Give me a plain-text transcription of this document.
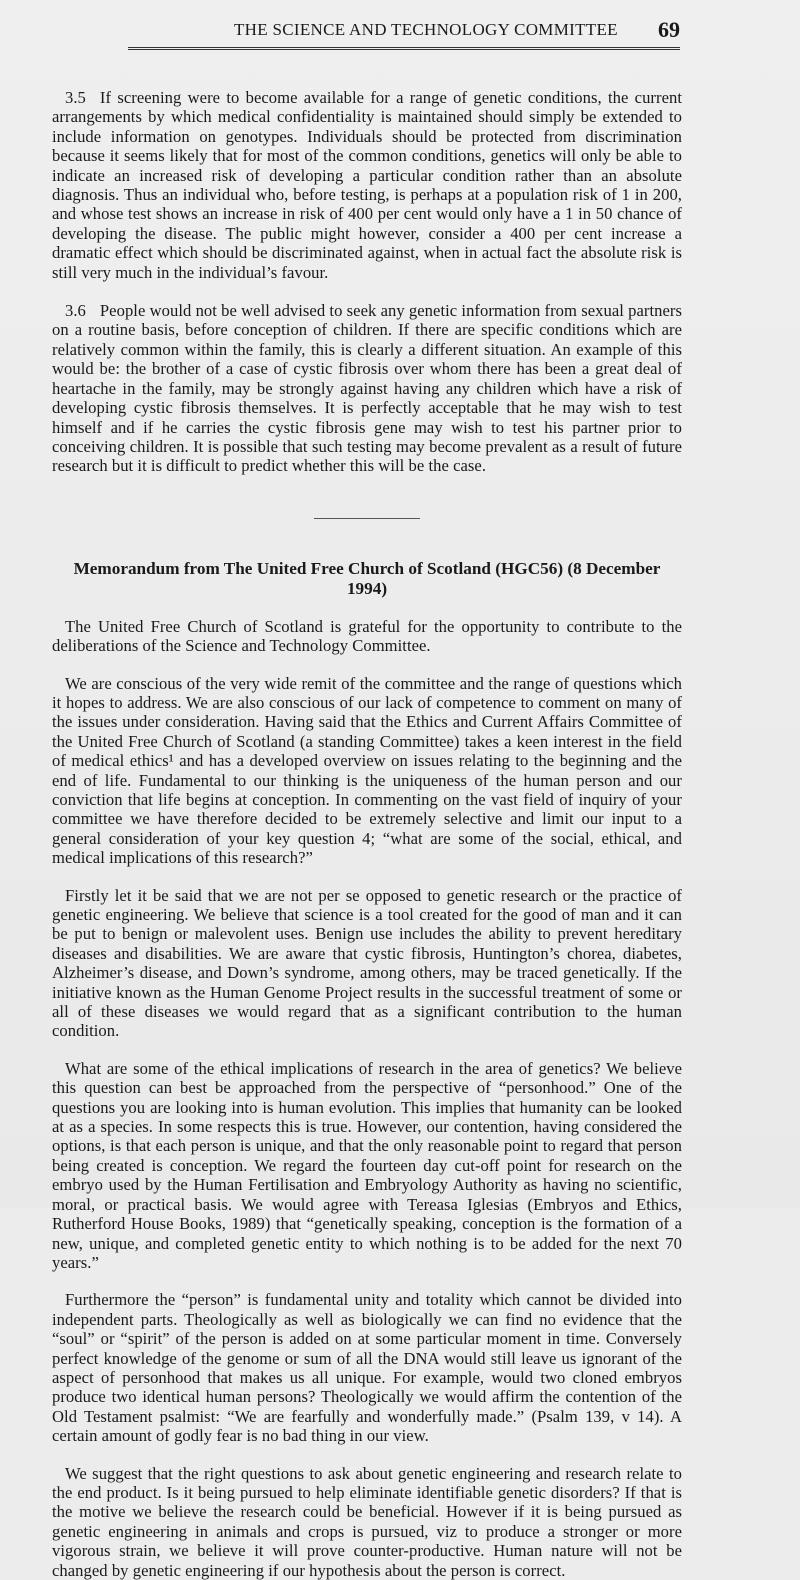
THE SCIENCE AND TECHNOLOGY COMMITTEE 69

3.5 If screening were to become available for a range of genetic conditions, the current arrangements by which medical confidentiality is maintained should simply be extended to include information on genotypes. Individuals should be protected from discrimination because it seems likely that for most of the common conditions, genetics will only be able to indicate an increased risk of developing a particular condition rather than an absolute diagnosis. Thus an individual who, before testing, is perhaps at a population risk of 1 in 200, and whose test shows an increase in risk of 400 per cent would only have a 1 in 50 chance of developing the disease. The public might however, consider a 400 per cent increase a dramatic effect which should be discriminated against, when in actual fact the absolute risk is still very much in the individual’s favour.

3.6 People would not be well advised to seek any genetic information from sexual partners on a routine basis, before conception of children. If there are specific conditions which are relatively common within the family, this is clearly a different situation. An example of this would be: the brother of a case of cystic fibrosis over whom there has been a great deal of heartache in the family, may be strongly against having any children which have a risk of developing cystic fibrosis themselves. It is perfectly acceptable that he may wish to test himself and if he carries the cystic fibrosis gene may wish to test his partner prior to conceiving children. It is possible that such testing may become prevalent as a result of future research but it is difficult to predict whether this will be the case.

Memorandum from The United Free Church of Scotland (HGC56) (8 December 1994)

The United Free Church of Scotland is grateful for the opportunity to contribute to the deliberations of the Science and Technology Committee.

We are conscious of the very wide remit of the committee and the range of questions which it hopes to address. We are also conscious of our lack of competence to comment on many of the issues under consideration. Having said that the Ethics and Current Affairs Committee of the United Free Church of Scotland (a standing Committee) takes a keen interest in the field of medical ethics¹ and has a developed overview on issues relating to the beginning and the end of life. Fundamental to our thinking is the uniqueness of the human person and our conviction that life begins at conception. In commenting on the vast field of inquiry of your committee we have therefore decided to be extremely selective and limit our input to a general consideration of your key question 4; “what are some of the social, ethical, and medical implications of this research?”

Firstly let it be said that we are not per se opposed to genetic research or the practice of genetic engineering. We believe that science is a tool created for the good of man and it can be put to benign or malevolent uses. Benign use includes the ability to prevent hereditary diseases and disabilities. We are aware that cystic fibrosis, Huntington’s chorea, diabetes, Alzheimer’s disease, and Down’s syndrome, among others, may be traced genetically. If the initiative known as the Human Genome Project results in the successful treatment of some or all of these diseases we would regard that as a significant contribution to the human condition.

What are some of the ethical implications of research in the area of genetics? We believe this question can best be approached from the perspective of “personhood.” One of the questions you are looking into is human evolution. This implies that humanity can be looked at as a species. In some respects this is true. However, our contention, having considered the options, is that each person is unique, and that the only reasonable point to regard that person being created is conception. We regard the fourteen day cut-off point for research on the embryo used by the Human Fertilisation and Embryology Authority as having no scientific, moral, or practical basis. We would agree with Tereasa Iglesias (Embryos and Ethics, Rutherford House Books, 1989) that “genetically speaking, conception is the formation of a new, unique, and completed genetic entity to which nothing is to be added for the next 70 years.”

Furthermore the “person” is fundamental unity and totality which cannot be divided into independent parts. Theologically as well as biologically we can find no evidence that the “soul” or “spirit” of the person is added on at some particular moment in time. Conversely perfect knowledge of the genome or sum of all the DNA would still leave us ignorant of the aspect of personhood that makes us all unique. For example, would two cloned embryos produce two identical human persons? Theologically we would affirm the contention of the Old Testament psalmist: “We are fearfully and wonderfully made.” (Psalm 139, v 14). A certain amount of godly fear is no bad thing in our view.

We suggest that the right questions to ask about genetic engineering and research relate to the end product. Is it being pursued to help eliminate identifiable genetic disorders? If that is the motive we believe the research could be beneficial. However if it is being pursued as genetic engineering in animals and crops is pursued, viz to produce a stronger or more vigorous strain, we believe it will prove counter-productive. Human nature will not be changed by genetic engineering if our hypothesis about the person is correct.
